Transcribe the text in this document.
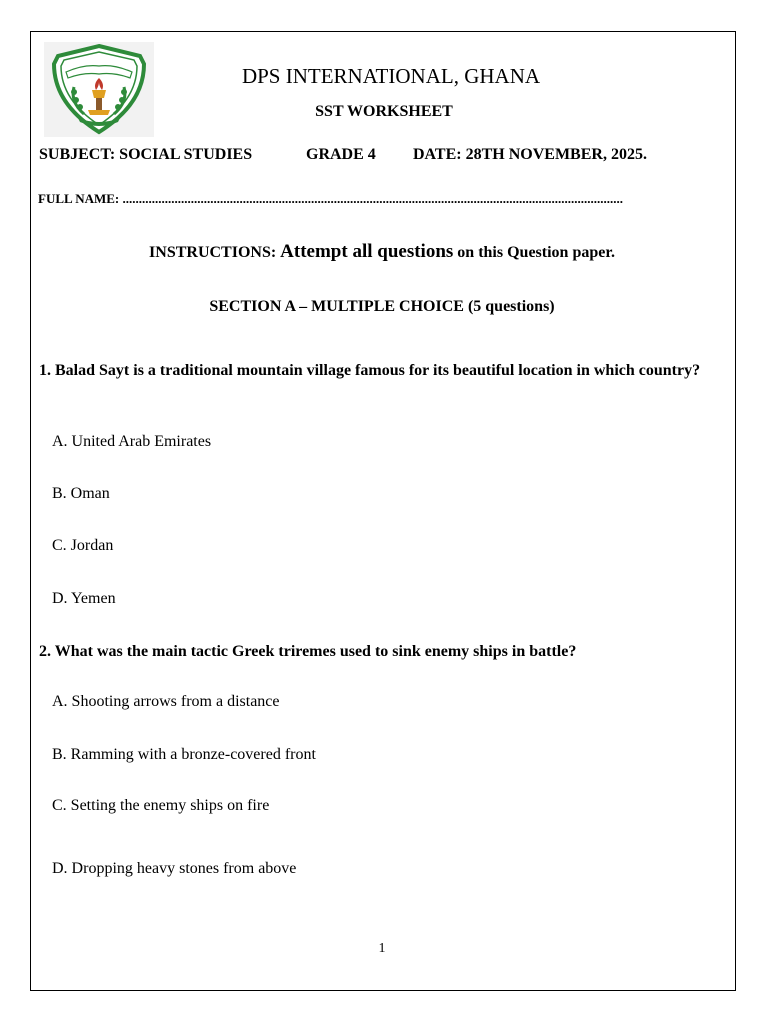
DPS INTERNATIONAL, GHANA
SST WORKSHEET
SUBJECT: SOCIAL STUDIES	GRADE 4 DATE: 28TH NOVEMBER, 2025.
FULL NAME: ..........................................................................................................................................................
INSTRUCTIONS: Attempt all questions on this Question paper.
SECTION A – MULTIPLE CHOICE (5 questions)
1. Balad Sayt is a traditional mountain village famous for its beautiful location in which country?
A. United Arab Emirates
B. Oman
C. Jordan
D. Yemen
2. What was the main tactic Greek triremes used to sink enemy ships in battle?
A. Shooting arrows from a distance
B. Ramming with a bronze-covered front
C. Setting the enemy ships on fire
D. Dropping heavy stones from above
1
